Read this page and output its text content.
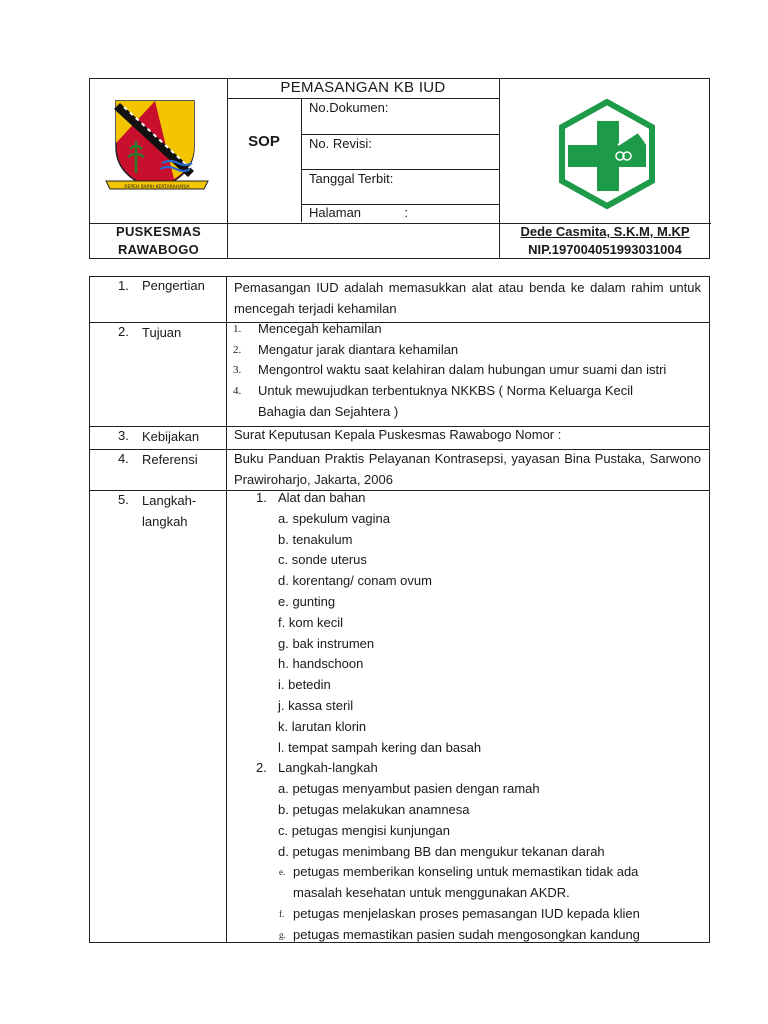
PEMASANGAN KB IUD
SOP
No.Dokumen:
No. Revisi:
Tanggal Terbit:
Halaman            :
REPEH RAPIH KERTARAHARJA
PUSKESMAS
RAWABOGO
Dede Casmita, S.K.M, M.KP
NIP.197004051993031004
1. Pengertian Pemasangan IUD adalah memasukkan alat atau benda ke dalam rahim untuk mencegah terjadi kehamilan
2. Tujuan	1. Mencegah kehamilan
2. Mengatur jarak diantara kehamilan
3. Mengontrol waktu saat kelahiran dalam hubungan umur suami dan istri
4. Untuk mewujudkan terbentuknya NKKBS ( Norma Keluarga Kecil
Bahagia dan Sejahtera )
3. Kebijakan	Surat Keputusan Kepala Puskesmas Rawabogo Nomor :
4. Referensi	Buku Panduan Praktis Pelayanan Kontrasepsi, yayasan Bina Pustaka, Sarwono Prawiroharjo, Jakarta, 2006
5. Langkah-
langkah
1. Alat dan bahan
a. spekulum vagina
b. tenakulum
c. sonde uterus
d. korentang/ conam ovum
e. gunting
f. kom kecil
g. bak instrumen
h. handschoon
i. betedin
j. kassa steril
k. larutan klorin
l. tempat sampah kering dan basah
2. Langkah-langkah
a. petugas menyambut pasien dengan ramah
b. petugas melakukan anamnesa
c. petugas mengisi kunjungan
d. petugas menimbang BB dan mengukur tekanan darah
e. petugas memberikan konseling untuk memastikan tidak ada
masalah kesehatan untuk menggunakan AKDR.
f. petugas menjelaskan proses pemasangan IUD kepada klien
g. petugas memastikan pasien sudah mengosongkan kandung
